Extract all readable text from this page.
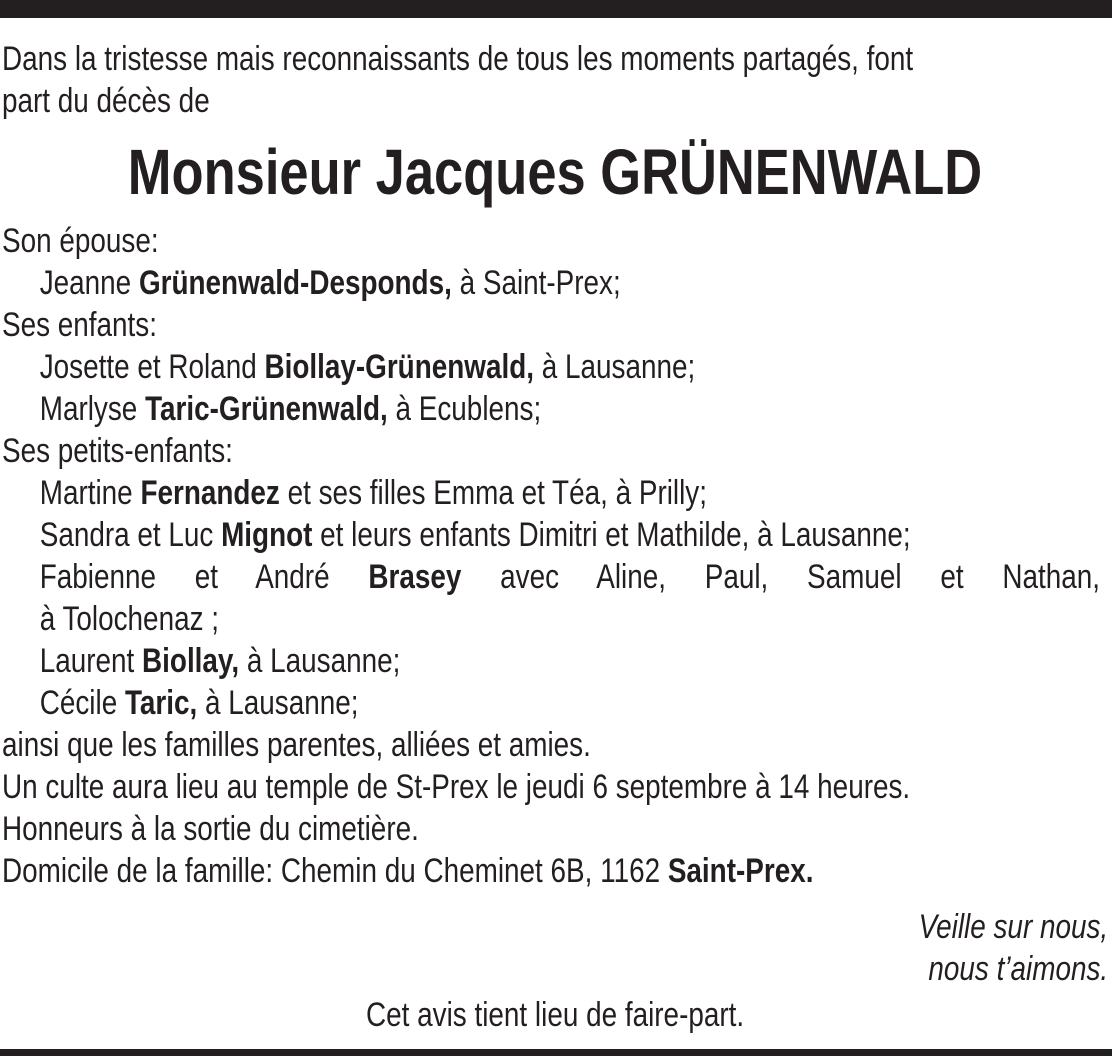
Dans la tristesse mais reconnaissants de tous les moments partagés, font
part du décès de
Monsieur Jacques GRÜNENWALD
Son épouse:
Jeanne Grünenwald-Desponds, à Saint-Prex;
Ses enfants:
Josette et Roland Biollay-Grünenwald, à Lausanne;
Marlyse Taric-Grünenwald, à Ecublens;
Ses petits-enfants:
Martine Fernandez et ses filles Emma et Téa, à Prilly;
Sandra et Luc Mignot et leurs enfants Dimitri et Mathilde, à Lausanne;
Fabienne et André Brasey avec Aline, Paul, Samuel et Nathan,
à Tolochenaz ;
Laurent Biollay, à Lausanne;
Cécile Taric, à Lausanne;
ainsi que les familles parentes, alliées et amies.
Un culte aura lieu au temple de St-Prex le jeudi 6 septembre à 14 heures.
Honneurs à la sortie du cimetière.
Domicile de la famille: Chemin du Cheminet 6B, 1162 Saint-Prex.
Veille sur nous,
nous t’aimons.
Cet avis tient lieu de faire-part.
